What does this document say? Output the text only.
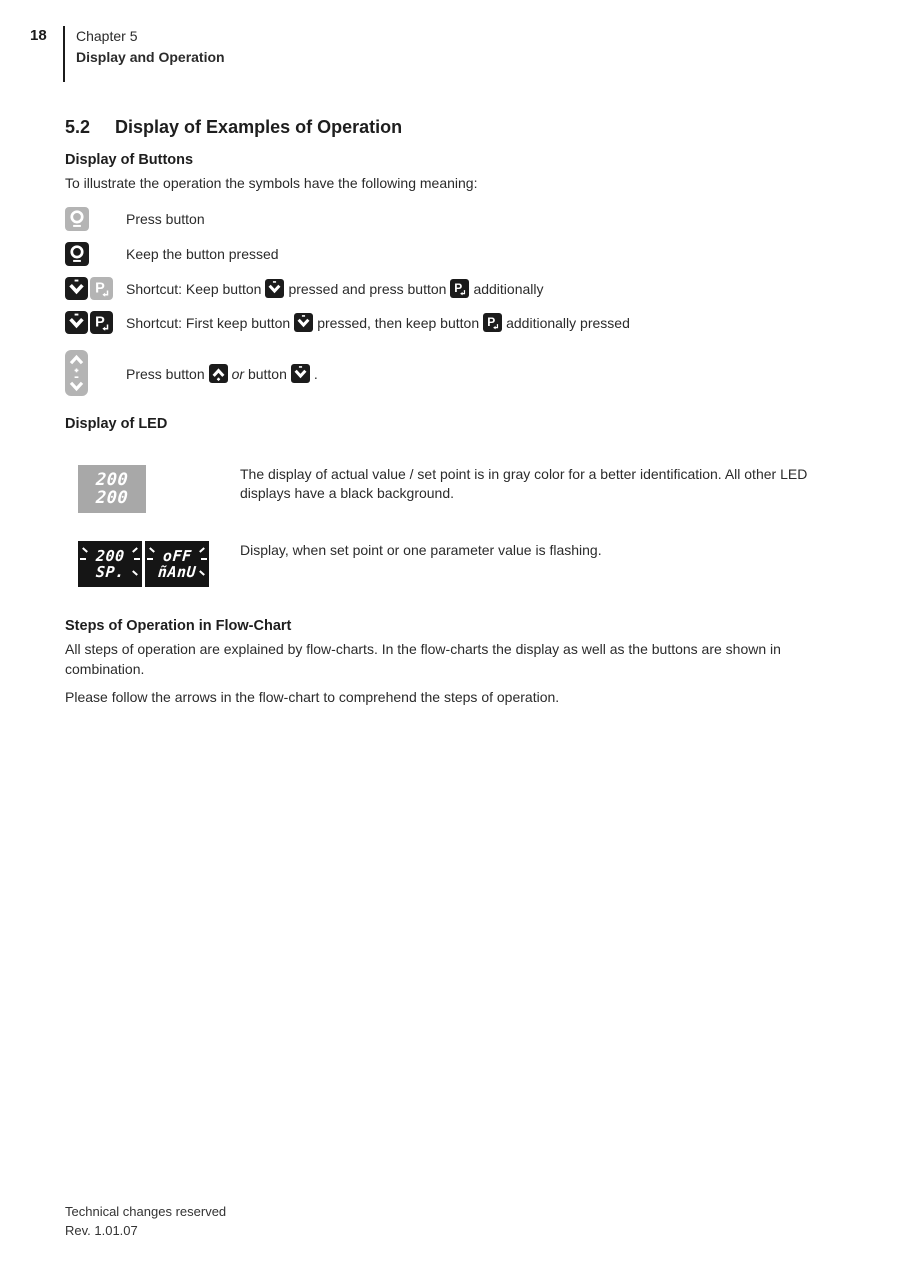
18	Chapter 5
Display and Operation
5.2 Display of Examples of Operation
Display of Buttons

To illustrate the operation the symbols have the following meaning:

Press button
Keep the button pressed
Shortcut: Keep button pressed and press button additionally
Shortcut: First keep button pressed, then keep button additionally pressed
Press button or button .
Display of LED
200
200
The display of actual value / set point is in gray color for a better identification. All other LED displays have a black background.
200
SP.
oFF
ñAnU
Display, when set point or one parameter value is flashing.
Steps of Operation in Flow-Chart

All steps of operation are explained by flow-charts. In the flow-charts the display as well as the buttons are shown in combination.

Please follow the arrows in the flow-chart to comprehend the steps of operation.

Technical changes reserved
Rev. 1.01.07
